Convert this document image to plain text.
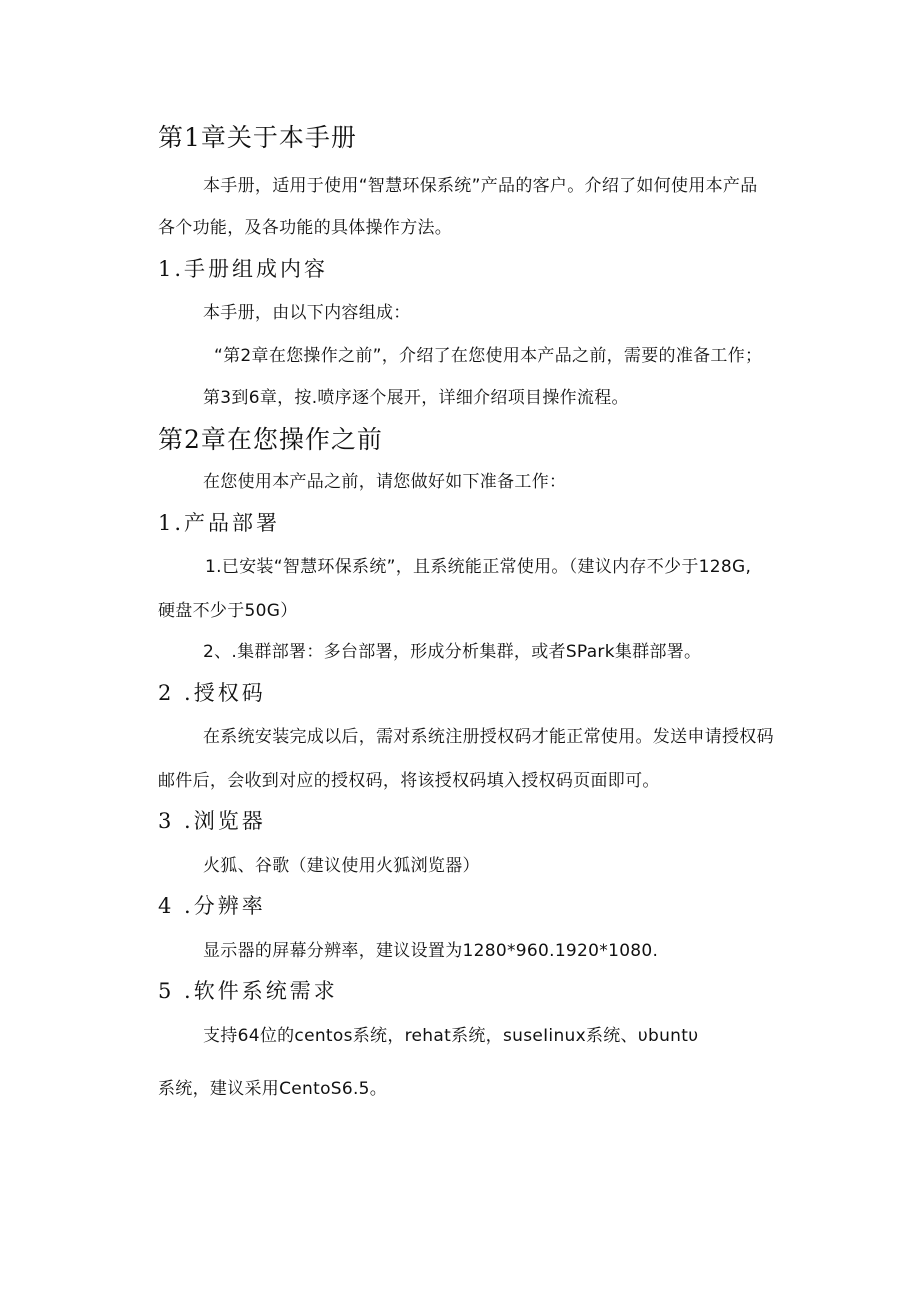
第1章关于本手册

本手册，适用于使用“智慧环保系统”产品的客户。介绍了如何使用本产品

各个功能，及各功能的具体操作方法。

1.手册组成内容

本手册，由以下内容组成：

“第2章在您操作之前”，介绍了在您使用本产品之前，需要的准备工作；

第3到6章，按.喷序逐个展开，详细介绍项目操作流程。

第2章在您操作之前

在您使用本产品之前，请您做好如下准备工作：

1.产品部署

1.已安装“智慧环保系统”，且系统能正常使用。（建议内存不少于128G,

硬盘不少于50G）

2、.集群部署：多台部署，形成分析集群，或者SPark集群部署。

2 .授权码

在系统安装完成以后，需对系统注册授权码才能正常使用。发送申请授权码

邮件后，会收到对应的授权码，将该授权码填入授权码页面即可。

3 .浏览器

火狐、谷歌（建议使用火狐浏览器）

4 .分辨率

显示器的屏幕分辨率，建议设置为1280*960.1920*1080.

5 .软件系统需求

支持64位的centos系统，rehat系统，suseIinux系统、υbuntυ

系统，建议采用CentoS6.5。
